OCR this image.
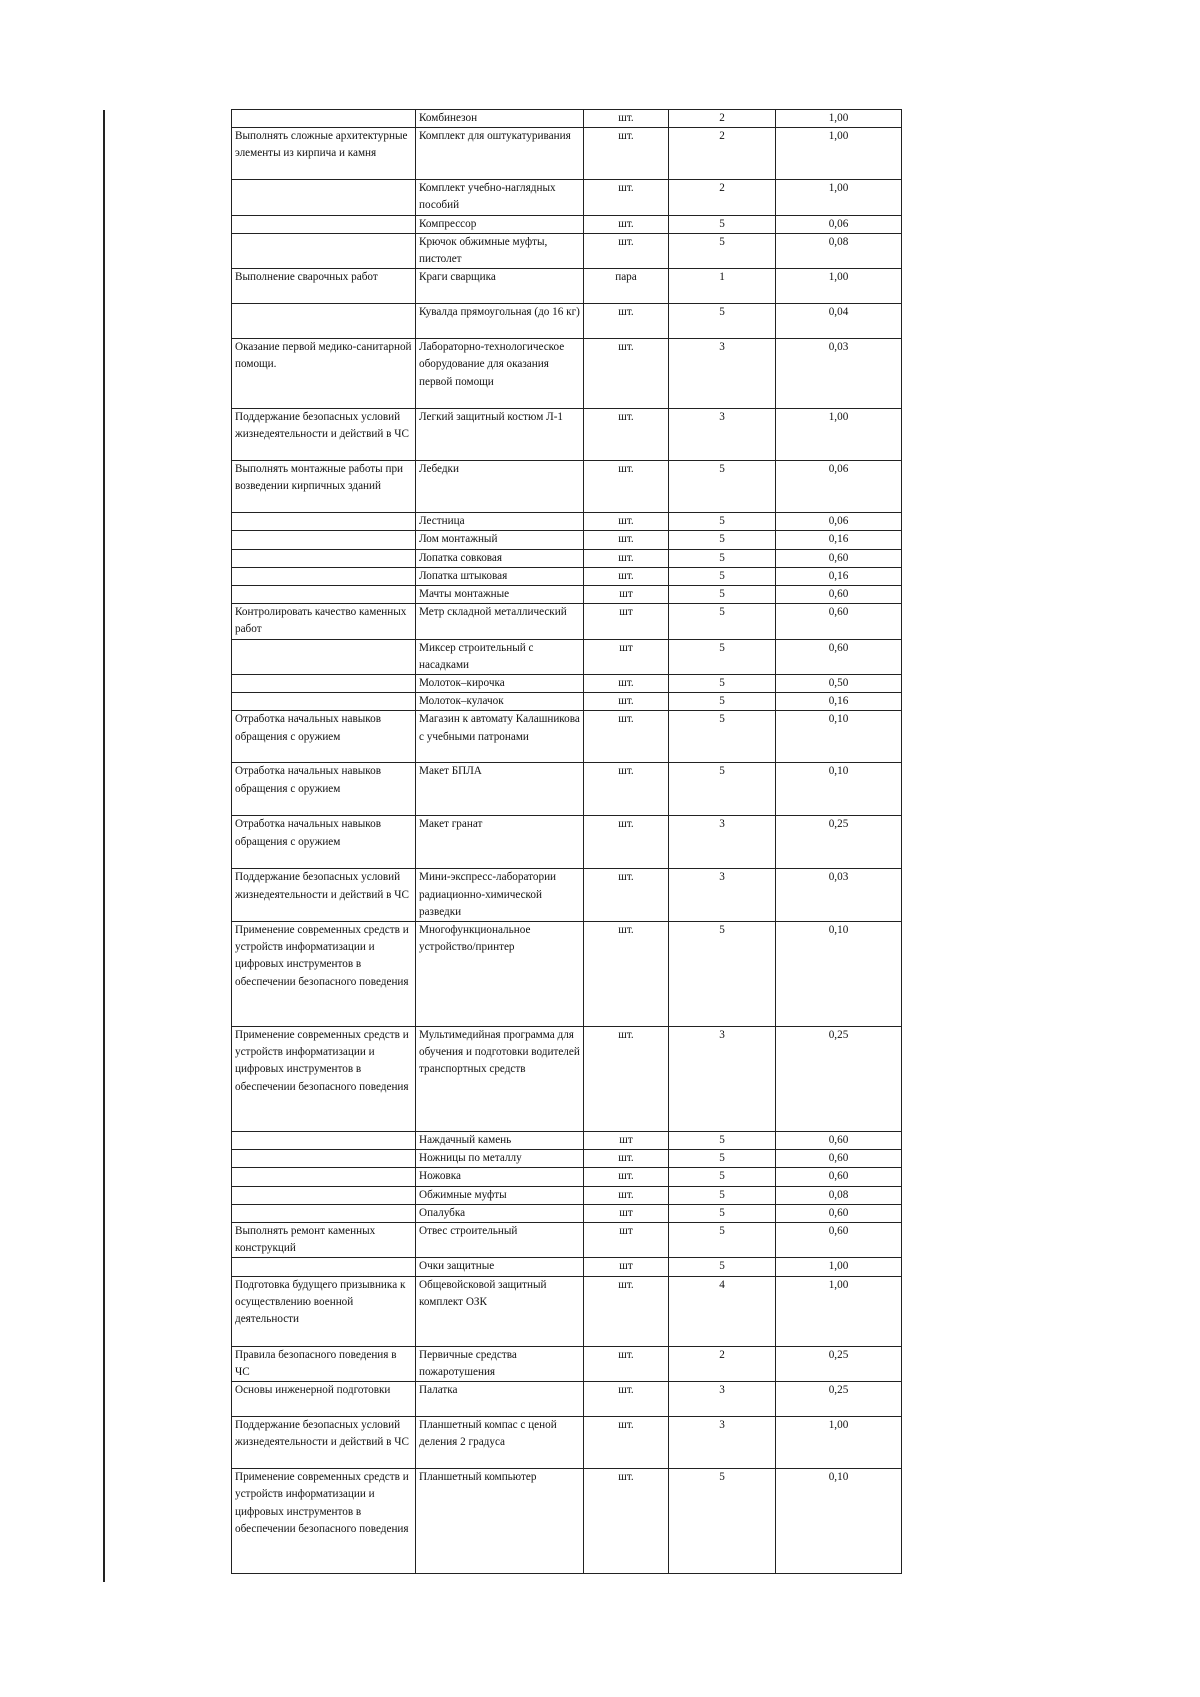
	Комбинезон	шт.	2	1,00
Выполнять сложные архитектурные элементы из кирпича и камня	Комплект для оштукатуривания	шт.	2	1,00
	Комплект учебно-наглядных пособий	шт.	2	1,00
	Компрессор	шт.	5	0,06
	Крючок обжимные муфты, пистолет	шт.	5	0,08
Выполнение сварочных работ	Краги сварщика	пара	1	1,00
	Кувалда прямоугольная (до 16 кг)	шт.	5	0,04
Оказание первой медико-санитарной помощи.	Лабораторно-технологическое оборудование для оказания первой помощи	шт.	3	0,03
Поддержание безопасных условий жизнедеятельности и действий в ЧС	Легкий защитный костюм Л-1	шт.	3	1,00
Выполнять монтажные работы при возведении кирпичных зданий	Лебедки	шт.	5	0,06
	Лестница	шт.	5	0,06
	Лом монтажный	шт.	5	0,16
	Лопатка совковая	шт.	5	0,60
	Лопатка штыковая	шт.	5	0,16
	Мачты монтажные	шт	5	0,60
Контролировать качество каменных работ	Метр складной металлический	шт	5	0,60
	Миксер строительный с насадками	шт	5	0,60
	Молоток–кирочка	шт.	5	0,50
	Молоток–кулачок	шт.	5	0,16
Отработка начальных навыков обращения с оружием	Магазин к автомату Калашникова с учебными патронами	шт.	5	0,10
Отработка начальных навыков обращения с оружием	Макет БПЛА	шт.	5	0,10
Отработка начальных навыков обращения с оружием	Макет гранат	шт.	3	0,25
Поддержание безопасных условий жизнедеятельности и действий в ЧС	Мини-экспресс-лаборатории радиационно-химической разведки	шт.	3	0,03
Применение современных средств и устройств информатизации и цифровых инструментов в обеспечении безопасного поведения	Многофункциональное устройство/принтер	шт.	5	0,10
Применение современных средств и устройств информатизации и цифровых инструментов в обеспечении безопасного поведения	Мультимедийная программа для обучения и подготовки водителей транспортных средств	шт.	3	0,25
	Наждачный камень	шт	5	0,60
	Ножницы по металлу	шт.	5	0,60
	Ножовка	шт.	5	0,60
	Обжимные муфты	шт.	5	0,08
	Опалубка	шт	5	0,60
Выполнять ремонт каменных конструкций	Отвес строительный	шт	5	0,60
	Очки защитные	шт	5	1,00
Подготовка будущего призывника к осуществлению военной деятельности	Общевойсковой защитный комплект ОЗК	шт.	4	1,00
Правила безопасного поведения в ЧС	Первичные средства пожаротушения	шт.	2	0,25
Основы инженерной подготовки	Палатка	шт.	3	0,25
Поддержание безопасных условий жизнедеятельности и действий в ЧС	Планшетный компас с ценой деления 2 градуса	шт.	3	1,00
Применение современных средств и устройств информатизации и цифровых инструментов в обеспечении безопасного поведения	Планшетный компьютер	шт.	5	0,10
